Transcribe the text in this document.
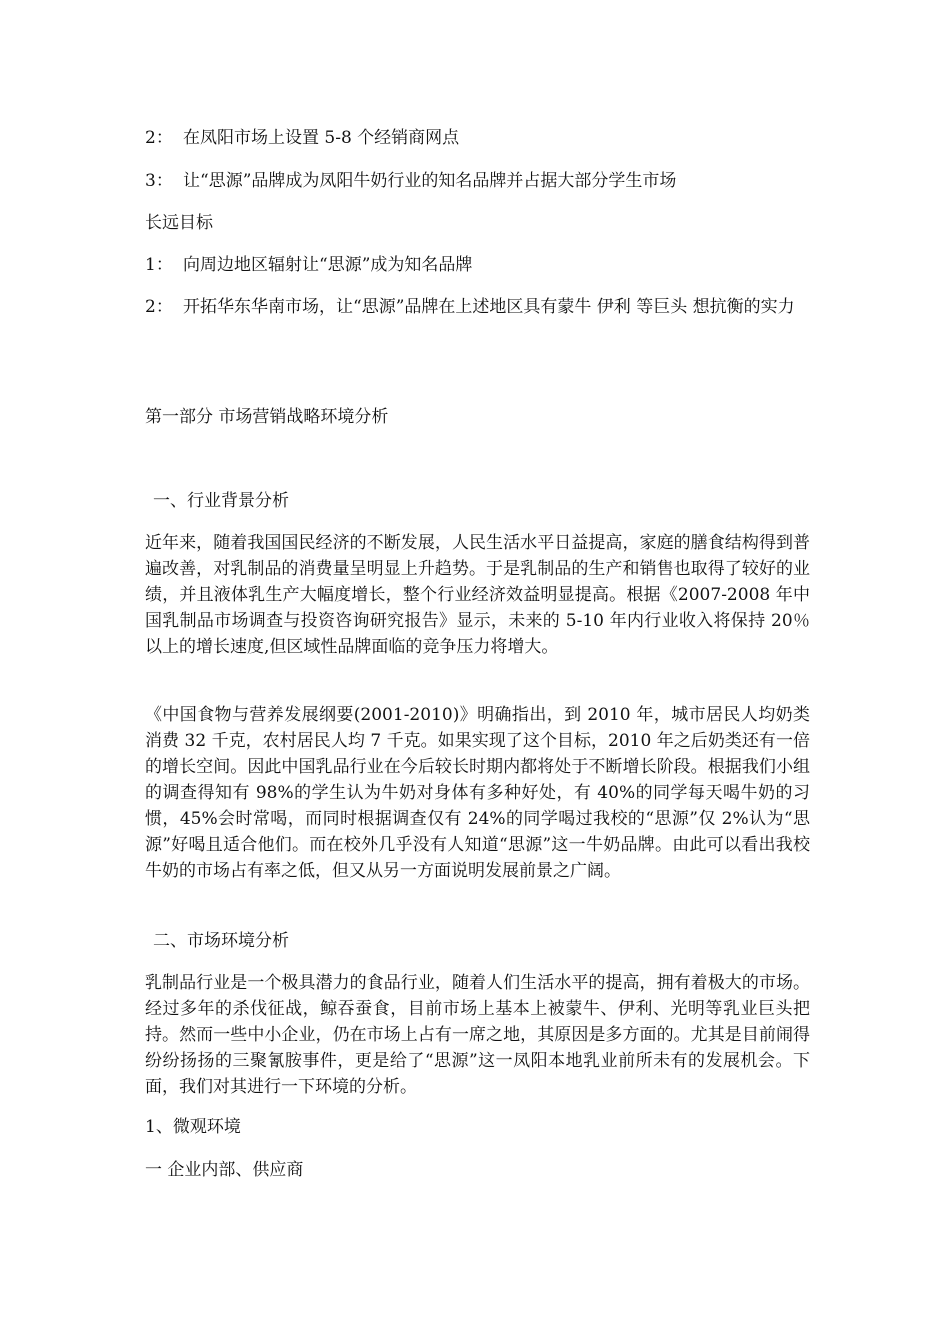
2： 在凤阳市场上设置 5-8 个经销商网点
3： 让“思源”品牌成为凤阳牛奶行业的知名品牌并占据大部分学生市场
长远目标
1： 向周边地区辐射让“思源”成为知名品牌
2： 开拓华东华南市场，让“思源”品牌在上述地区具有蒙牛 伊利 等巨头 想抗衡的实力
第一部分 市场营销战略环境分析
一、行业背景分析
近年来，随着我国国民经济的不断发展，人民生活水平日益提高，家庭的膳食结构得到普遍改善，对乳制品的消费量呈明显上升趋势。于是乳制品的生产和销售也取得了较好的业绩，并且液体乳生产大幅度增长，整个行业经济效益明显提高。根据《2007-2008 年中国乳制品市场调查与投资咨询研究报告》显示，未来的 5-10 年内行业收入将保持 20％以上的增长速度,但区域性品牌面临的竞争压力将增大。
《中国食物与营养发展纲要(2001-2010)》明确指出，到 2010 年，城市居民人均奶类消费 32 千克，农村居民人均 7 千克。如果实现了这个目标，2010 年之后奶类还有一倍的增长空间。因此中国乳品行业在今后较长时期内都将处于不断增长阶段。根据我们小组的调查得知有 98%的学生认为牛奶对身体有多种好处，有 40%的同学每天喝牛奶的习惯，45%会时常喝，而同时根据调查仅有 24%的同学喝过我校的“思源”仅 2%认为“思源”好喝且适合他们。而在校外几乎没有人知道“思源”这一牛奶品牌。由此可以看出我校牛奶的市场占有率之低，但又从另一方面说明发展前景之广阔。
二、市场环境分析
乳制品行业是一个极具潜力的食品行业，随着人们生活水平的提高，拥有着极大的市场。经过多年的杀伐征战，鲸吞蚕食，目前市场上基本上被蒙牛、伊利、光明等乳业巨头把持。然而一些中小企业，仍在市场上占有一席之地，其原因是多方面的。尤其是目前闹得纷纷扬扬的三聚氰胺事件，更是给了“思源”这一凤阳本地乳业前所未有的发展机会。下面，我们对其进行一下环境的分析。
1、微观环境
一 企业内部、供应商
